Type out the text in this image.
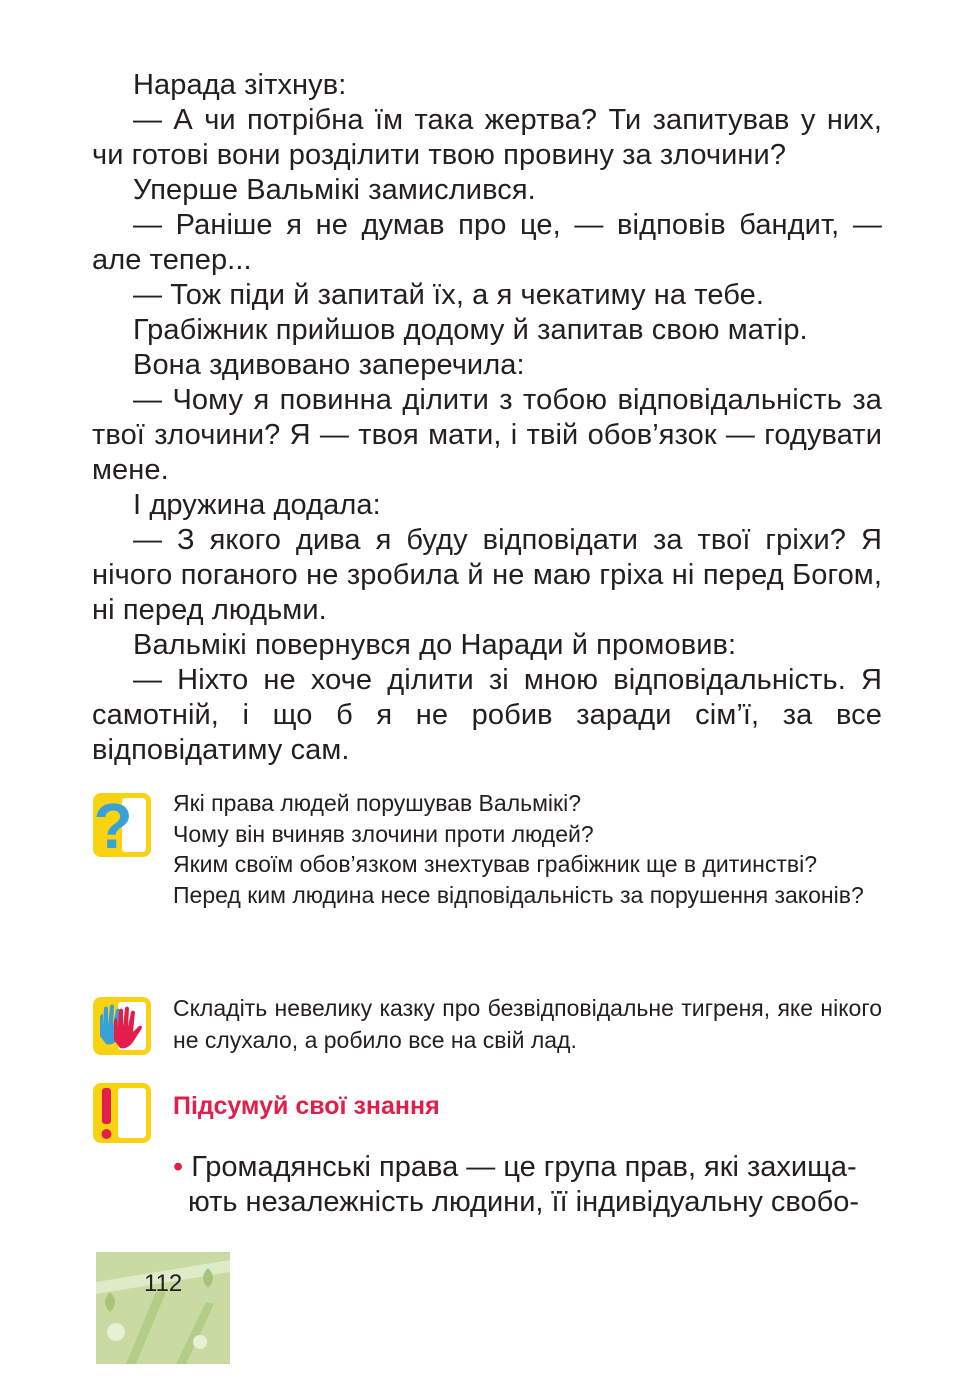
Нарада зітхнув:

— А чи потрібна їм така жертва? Ти запитував у них, чи готові вони розділити твою провину за злочини?

Уперше Вальмікі замислився.

— Раніше я не думав про це, — відповів бандит, — але тепер...

— Тож піди й запитай їх, а я чекатиму на тебе.

Грабіжник прийшов додому й запитав свою матір.

Вона здивовано заперечила:

— Чому я повинна ділити з тобою відповідальність за твої злочини? Я — твоя мати, і твій обов’язок — годувати мене.

І дружина додала:

— З якого дива я буду відповідати за твої гріхи? Я нічого поганого не зробила й не маю гріха ні перед Богом, ні перед людьми.

Вальмікі повернувся до Наради й промовив:

— Ніхто не хоче ділити зі мною відповідальність. Я самотній, і що б я не робив заради сім’ї, за все відповідатиму сам.

? Які права людей порушував Вальмікі?

Чому він вчиняв злочини проти людей?

Яким своїм обов’язком знехтував грабіжник ще в дитинстві?

Перед ким людина несе відповідальність за порушення законів?

Складіть невелику казку про безвідповідальне тигреня, яке нікого не слухало, а робило все на свій лад.

Підсумуй свої знання
• Громадянські права — це група прав, які захища-
ють незалежність людини, її індивідуальну свобо-

112
